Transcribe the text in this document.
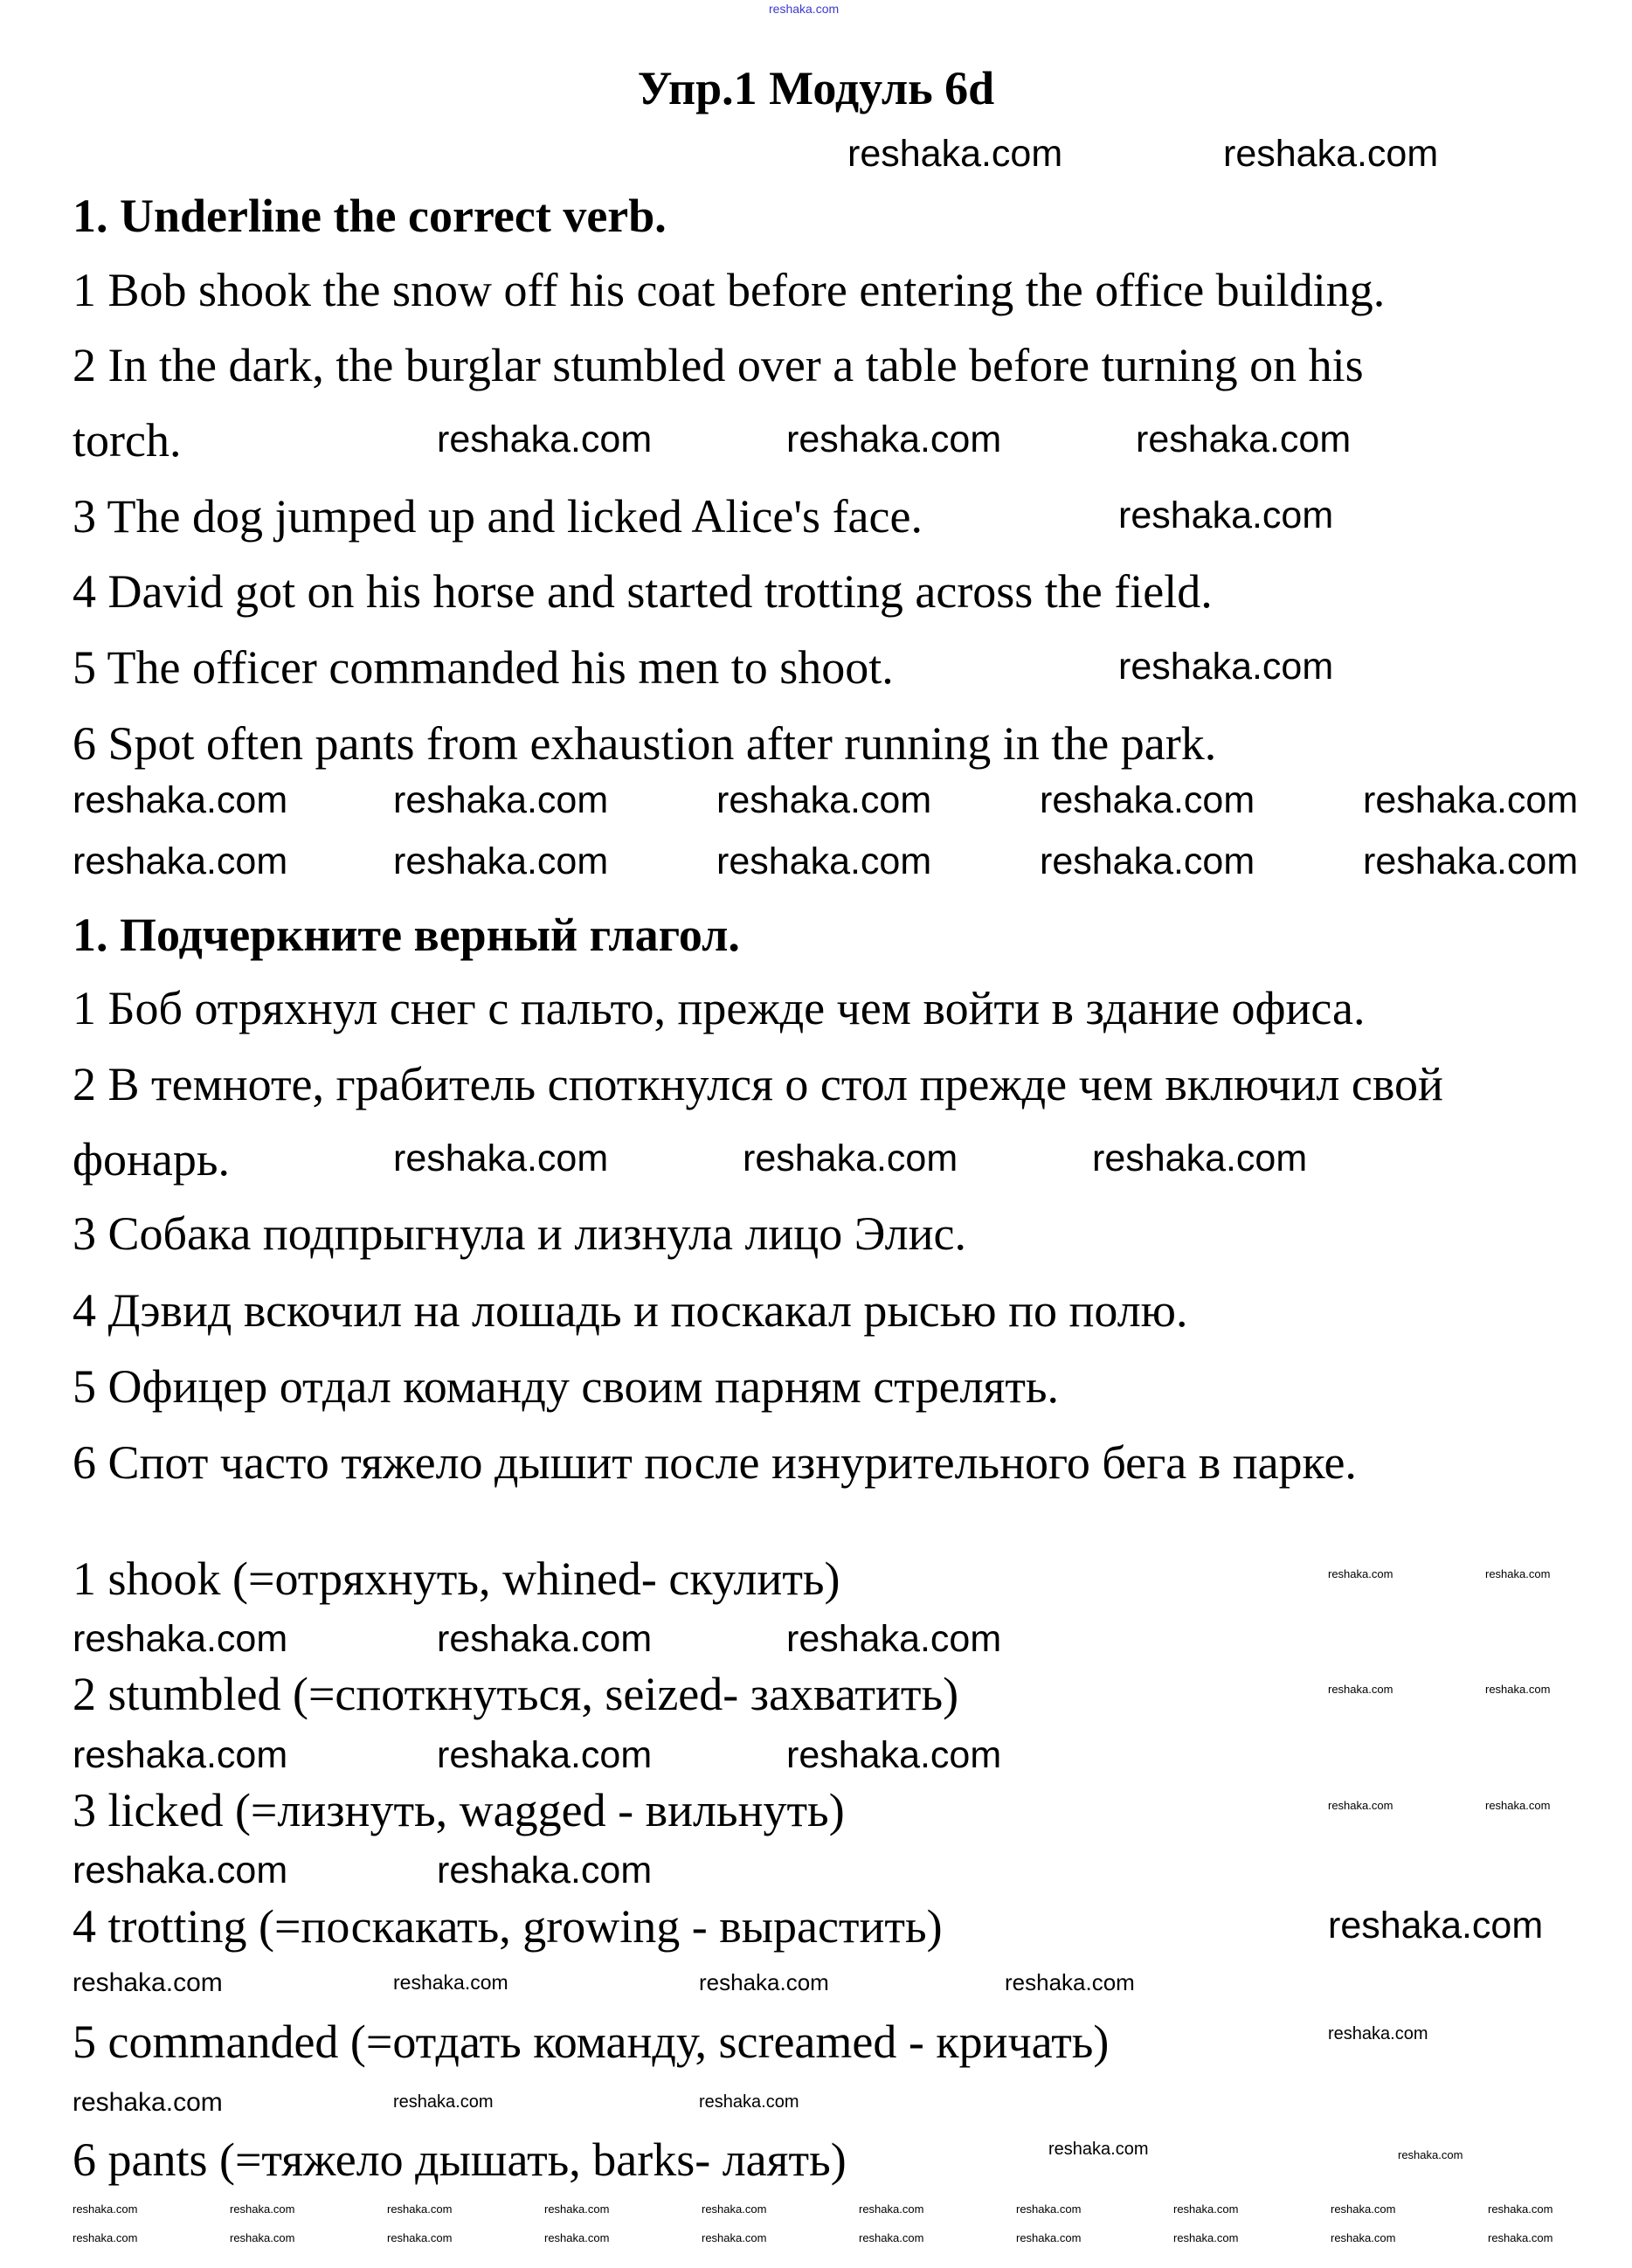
reshaka.com
Упр.1 Модуль 6d
1. Underline the correct verb.
1 Bob shook the snow off his coat before entering the office building.
2 In the dark, the burglar stumbled over a table before turning on his
torch.
3 The dog jumped up and licked Alice's face.
4 David got on his horse and started trotting across the field.
5 The officer commanded his men to shoot.
6 Spot often pants from exhaustion after running in the park.
1. Подчеркните верный глагол.
1 Боб отряхнул снег с пальто, прежде чем войти в здание офиса.
2 В темноте, грабитель споткнулся о стол прежде чем включил свой
фонарь.
3 Собака подпрыгнула и лизнула лицо Элис.
4 Дэвид вскочил на лошадь и поскакал рысью по полю.
5 Офицер отдал команду своим парням стрелять.
6 Спот часто тяжело дышит после изнурительного бега в парке.
1 shook (=отряхнуть, whined- скулить)
2 stumbled (=споткнуться, seized- захватить)
3 licked (=лизнуть, wagged - вильнуть)
4 trotting (=поскакать, growing - вырастить)
5 commanded (=отдать команду, screamed - кричать)
6 pants (=тяжело дышать, barks- лаять)
reshaka.com	reshaka.com
reshaka.com	reshaka.com	reshaka.com
reshaka.com
reshaka.com
reshaka.com	reshaka.com	reshaka.com	reshaka.com	reshaka.com
reshaka.com	reshaka.com	reshaka.com	reshaka.com	reshaka.com
reshaka.com	reshaka.com	reshaka.com
reshaka.com	reshaka.com	reshaka.com
reshaka.com	reshaka.com	reshaka.com
reshaka.com	reshaka.com
reshaka.com
reshaka.com	reshaka.com	reshaka.com	reshaka.com
reshaka.com	reshaka.com	reshaka.com
reshaka.com
reshaka.com
reshaka.com	reshaka.com	reshaka.com	reshaka.com	reshaka.com	reshaka.com	reshaka.com	reshaka.com	reshaka.com	reshaka.com
reshaka.com	reshaka.com	reshaka.com	reshaka.com	reshaka.com	reshaka.com	reshaka.com	reshaka.com	reshaka.com	reshaka.com
reshaka.com	reshaka.com
reshaka.com	reshaka.com
reshaka.com	reshaka.com
reshaka.com
